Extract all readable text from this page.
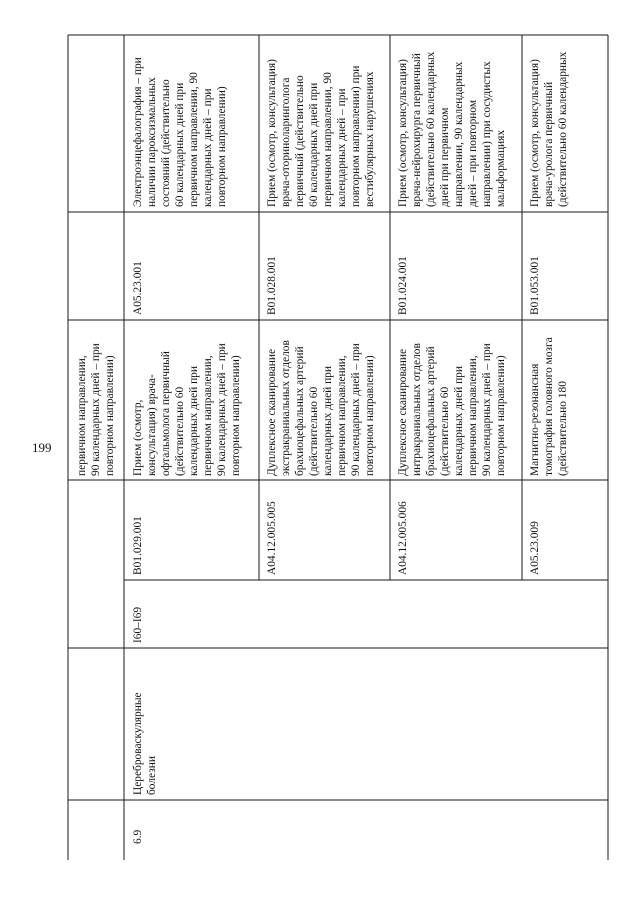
199 первичном направлении,
90 календарных дней – при
повторном направлении)
6.9
Цереброваскулярные
болезни
I60–I69
B01.029.001
Прием (осмотр,
консультация) врача-
офтальмолога первичный
(действительно 60
календарных дней при
первичном направлении,
90 календарных дней – при
повторном направлении)
A05.23.001
Электроэнцефалография – при
наличии пароксизмальных
состояний (действительно
60 календарных дней при
первичном направлении, 90
календарных дней – при
повторном направлении)
A04.12.005.005
Дуплексное сканирование
экстракраниальных отделов
брахиоцефальных артерий
(действительно 60
календарных дней при
первичном направлении,
90 календарных дней – при
повторном направлении)
B01.028.001
Прием (осмотр, консультация)
врача-оториноларинголога
первичный (действительно
60 календарных дней при
первичном направлении, 90
календарных дней – при
повторном направлении) при
вестибулярных нарушениях
A04.12.005.006
Дуплексное сканирование
интракраниальных отделов
брахиоцефальных артерий
(действительно 60
календарных дней при
первичном направлении,
90 календарных дней – при
повторном направлении)
B01.024.001
Прием (осмотр, консультация)
врача-нейрохирурга первичный
(действительно 60 календарных
дней при первичном
направлении, 90 календарных
дней – при повторном
направлении) при сосудистых
мальформациях
A05.23.009
Магнитно-резонансная
томография головного мозга
(действительно 180
B01.053.001
Прием (осмотр, консультация)
врача-уролога первичный
(действительно 60 календарных
